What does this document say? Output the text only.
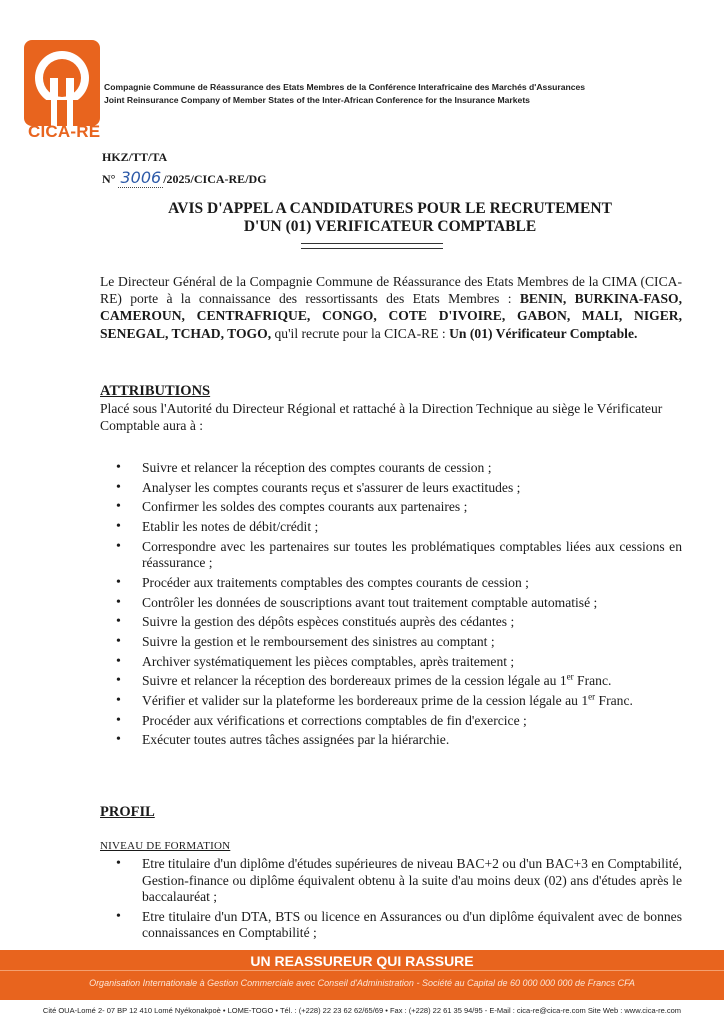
CICA-RE
Compagnie Commune de Réassurance des Etats Membres de la Conférence Interafricaine des Marchés d'Assurances
Joint Reinsurance Company of Member States of the Inter-African Conference for the Insurance Markets
HKZ/TT/TA
N° 3006 /2025/CICA-RE/DG
AVIS D'APPEL A CANDIDATURES POUR LE RECRUTEMENT
D'UN (01) VERIFICATEUR COMPTABLE
Le Directeur Général de la Compagnie Commune de Réassurance des Etats Membres de la CIMA (CICA-RE) porte à la connaissance des ressortissants des Etats Membres : BENIN, BURKINA-FASO, CAMEROUN, CENTRAFRIQUE, CONGO, COTE D'IVOIRE, GABON, MALI, NIGER, SENEGAL, TCHAD, TOGO, qu'il recrute pour la CICA-RE : Un (01) Vérificateur Comptable.
ATTRIBUTIONS
Placé sous l'Autorité du Directeur Régional et rattaché à la Direction Technique au siège le Vérificateur Comptable aura à :
• Suivre et relancer la réception des comptes courants de cession ;
• Analyser les comptes courants reçus et s'assurer de leurs exactitudes ;
• Confirmer les soldes des comptes courants aux partenaires ;
• Etablir les notes de débit/crédit ;
• Correspondre avec les partenaires sur toutes les problématiques comptables liées aux cessions en réassurance ;
• Procéder aux traitements comptables des comptes courants de cession ;
• Contrôler les données de souscriptions avant tout traitement comptable automatisé ;
• Suivre la gestion des dépôts espèces constitués auprès des cédantes ;
• Suivre la gestion et le remboursement des sinistres au comptant ;
• Archiver systématiquement les pièces comptables, après traitement ;
• Suivre et relancer la réception des bordereaux primes de la cession légale au 1er Franc.
• Vérifier et valider sur la plateforme les bordereaux prime de la cession légale au 1er Franc.
• Procéder aux vérifications et corrections comptables de fin d'exercice ;
• Exécuter toutes autres tâches assignées par la hiérarchie.
PROFIL
NIVEAU DE FORMATION
• Etre titulaire d'un diplôme d'études supérieures de niveau BAC+2 ou d'un BAC+3 en Comptabilité, Gestion-finance ou diplôme équivalent obtenu à la suite d'au moins deux (02) ans d'études après le baccalauréat ;
• Etre titulaire d'un DTA, BTS ou licence en Assurances ou d'un diplôme équivalent avec de bonnes connaissances en Comptabilité ;
UN REASSUREUR QUI RASSURE
Organisation Internationale à Gestion Commerciale avec Conseil d'Administration - Société au Capital de 60 000 000 000 de Francs CFA
Cité OUA-Lomé 2- 07 BP 12 410 Lomé Nyékonakpoè • LOME-TOGO • Tél. : (+228) 22 23 62 62/65/69 • Fax : (+228) 22 61 35 94/95 - E-Mail : cica-re@cica-re.com Site Web : www.cica-re.com
